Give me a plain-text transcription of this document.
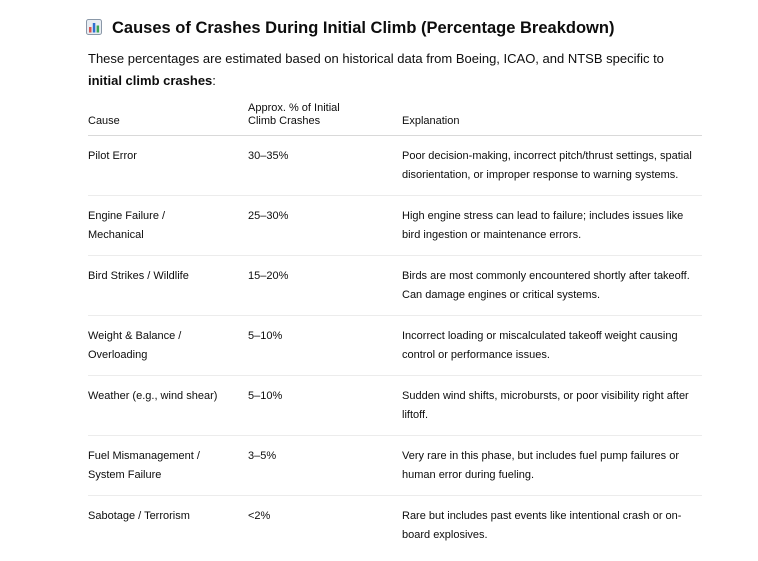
Causes of Crashes During Initial Climb (Percentage Breakdown)
These percentages are estimated based on historical data from Boeing, ICAO, and NTSB specific to initial climb crashes:
Cause	Approx. % of Initial Climb Crashes	Explanation
Pilot Error	30–35%	Poor decision-making, incorrect pitch/thrust settings, spatial disorientation, or improper response to warning systems.
Engine Failure / Mechanical	25–30%	High engine stress can lead to failure; includes issues like bird ingestion or maintenance errors.
Bird Strikes / Wildlife	15–20%	Birds are most commonly encountered shortly after takeoff. Can damage engines or critical systems.
Weight & Balance / Overloading	5–10%	Incorrect loading or miscalculated takeoff weight causing control or performance issues.
Weather (e.g., wind shear)	5–10%	Sudden wind shifts, microbursts, or poor visibility right after liftoff.
Fuel Mismanagement / System Failure	3–5%	Very rare in this phase, but includes fuel pump failures or human error during fueling.
Sabotage / Terrorism	<2%	Rare but includes past events like intentional crash or on-board explosives.
